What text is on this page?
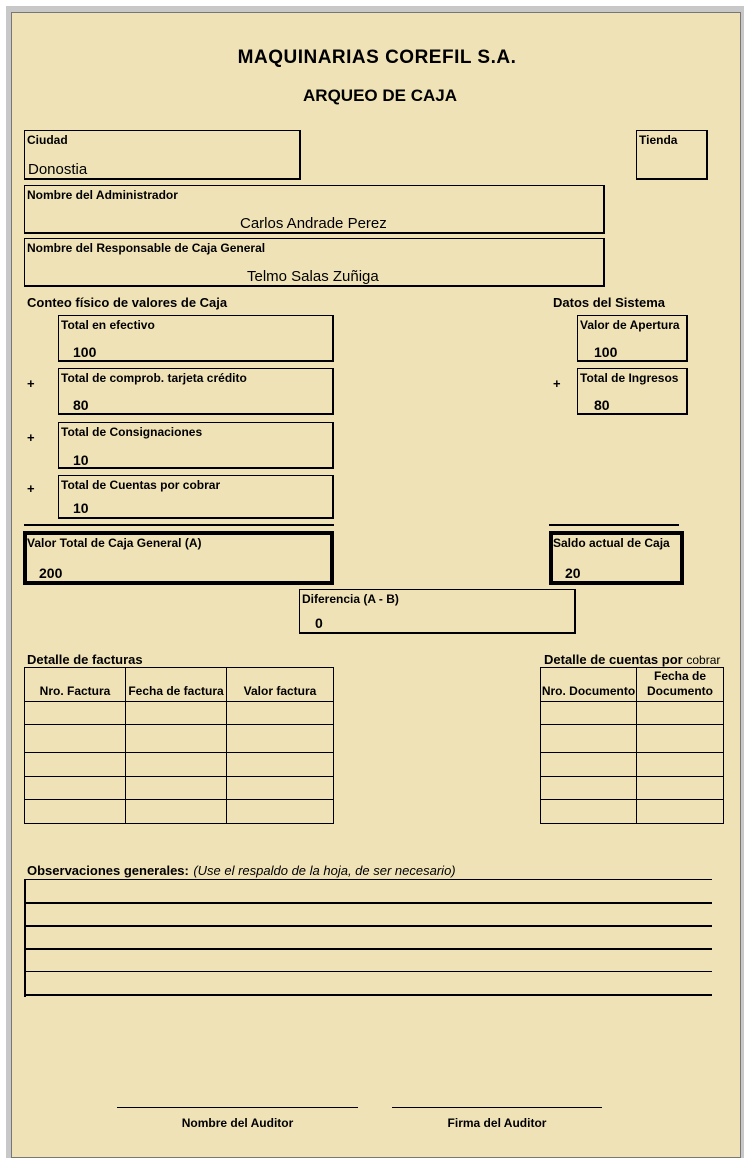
MAQUINARIAS COREFIL S.A.
ARQUEO DE CAJA
Ciudad
Donostia
Tienda
Nombre del Administrador
Carlos Andrade Perez
Nombre del Responsable de Caja General
Telmo Salas Zuñiga
Conteo físico de valores de Caja	Datos del Sistema
Total en efectivo
100
+ Total de comprob. tarjeta crédito
80
+ Total de Consignaciones
10
+ Total de Cuentas por cobrar
10
Valor de Apertura
100
+ Total de Ingresos
80
Valor Total de Caja General (A)
200
Saldo actual de Caja
20
Diferencia (A - B)
0
Detalle de facturas
Nro. Factura	Fecha de factura	Valor factura

Detalle de cuentas por cobrar
Nro. Documento	Fecha de Documento

Observaciones generales: (Use el respaldo de la hoja, de ser necesario)
Nombre del Auditor	Firma del Auditor
